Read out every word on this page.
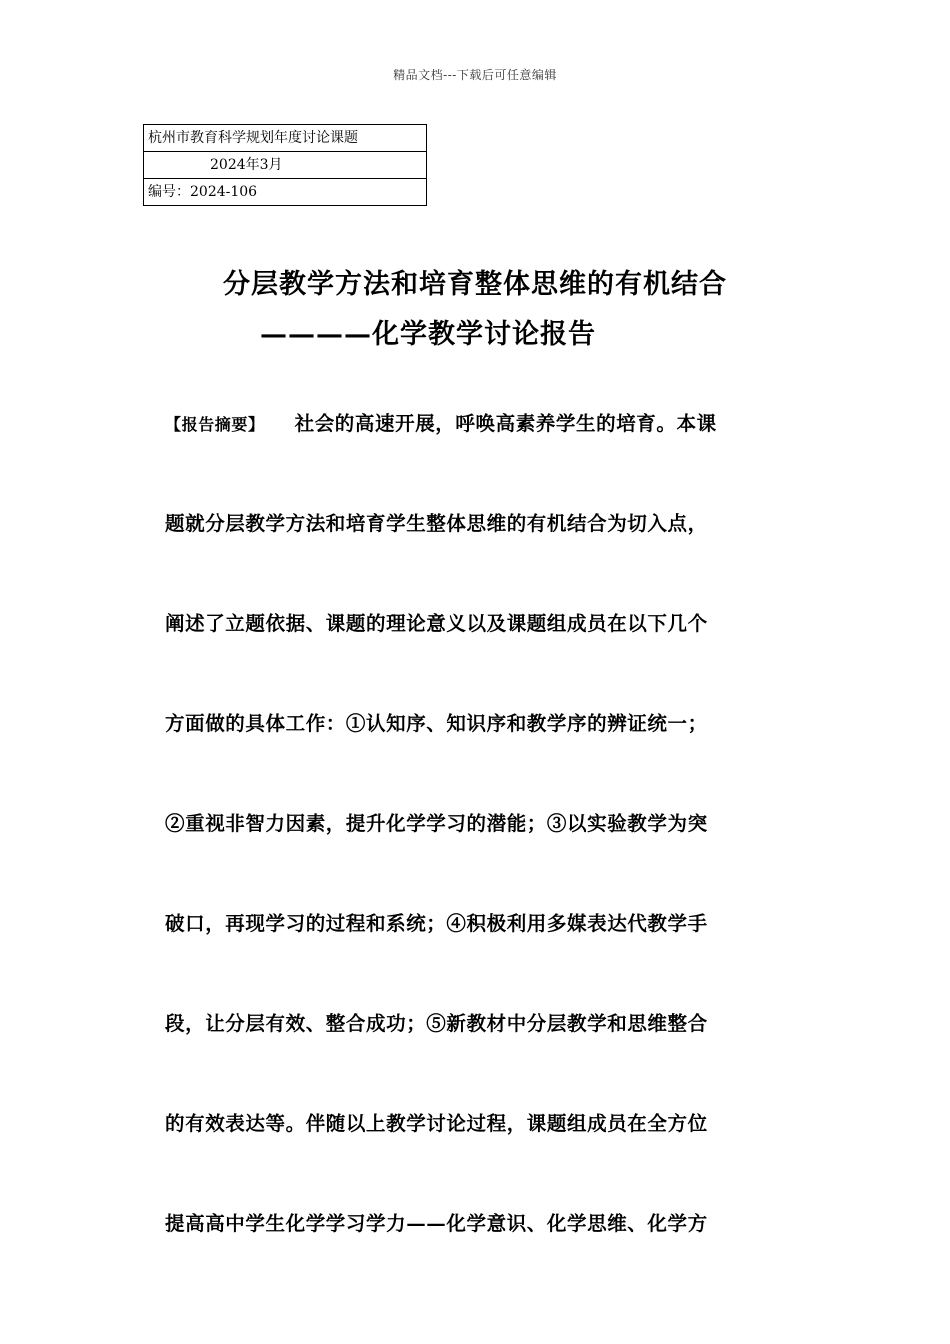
精品文档---下载后可任意编辑
杭州市教育科学规划年度讨论课题
2024年3月
编号：2024-106
分层教学方法和培育整体思维的有机结合
————化学教学讨论报告
【报告摘要】 社会的高速开展，呼唤高素养学生的培育。本课
题就分层教学方法和培育学生整体思维的有机结合为切入点，
阐述了立题依据、课题的理论意义以及课题组成员在以下几个
方面做的具体工作：①认知序、知识序和教学序的辨证统一；
②重视非智力因素，提升化学学习的潜能；③以实验教学为突
破口，再现学习的过程和系统；④积极利用多媒表达代教学手
段，让分层有效、整合成功；⑤新教材中分层教学和思维整合
的有效表达等。伴随以上教学讨论过程，课题组成员在全方位
提高高中学生化学学习学力——化学意识、化学思维、化学方
